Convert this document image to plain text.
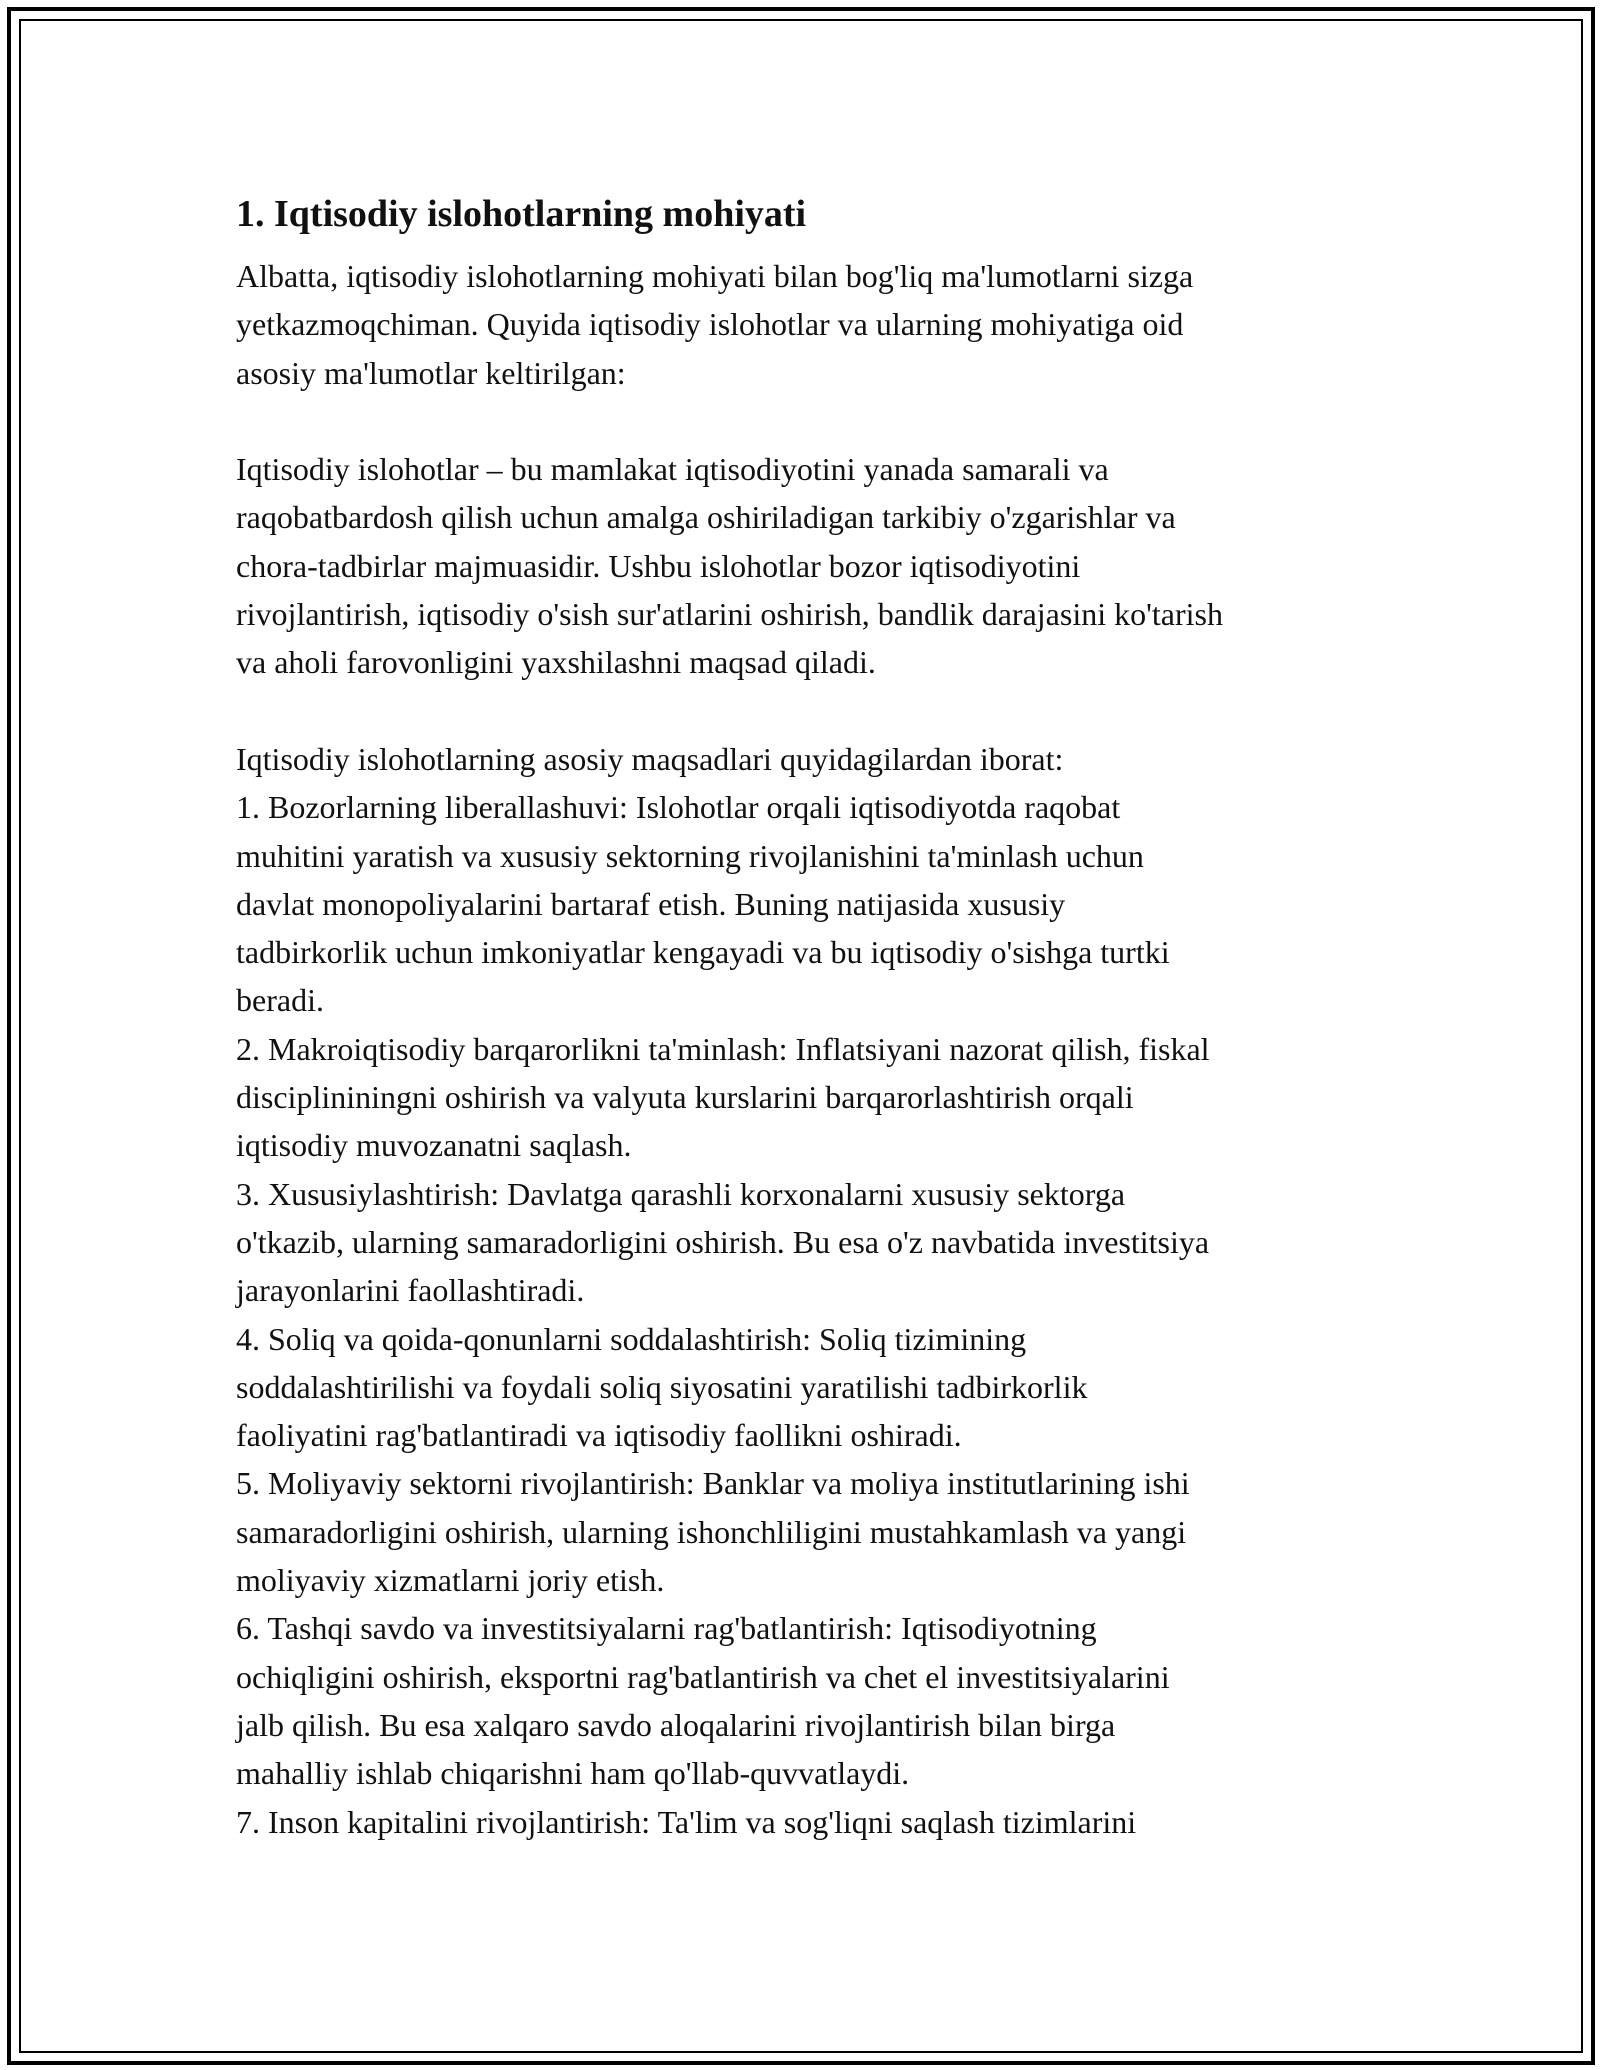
1. Iqtisodiy islohotlarning mohiyati
Albatta, iqtisodiy islohotlarning mohiyati bilan bog'liq ma'lumotlarni sizga
yetkazmoqchiman. Quyida iqtisodiy islohotlar va ularning mohiyatiga oid
asosiy ma'lumotlar keltirilgan:
Iqtisodiy islohotlar – bu mamlakat iqtisodiyotini yanada samarali va
raqobatbardosh qilish uchun amalga oshiriladigan tarkibiy o'zgarishlar va
chora-tadbirlar majmuasidir. Ushbu islohotlar bozor iqtisodiyotini
rivojlantirish, iqtisodiy o'sish sur'atlarini oshirish, bandlik darajasini ko'tarish
va aholi farovonligini yaxshilashni maqsad qiladi.
Iqtisodiy islohotlarning asosiy maqsadlari quyidagilardan iborat:
1. Bozorlarning liberallashuvi: Islohotlar orqali iqtisodiyotda raqobat
muhitini yaratish va xususiy sektorning rivojlanishini ta'minlash uchun
davlat monopoliyalarini bartaraf etish. Buning natijasida xususiy
tadbirkorlik uchun imkoniyatlar kengayadi va bu iqtisodiy o'sishga turtki
beradi.
2. Makroiqtisodiy barqarorlikni ta'minlash: Inflatsiyani nazorat qilish, fiskal
disciplininingni oshirish va valyuta kurslarini barqarorlashtirish orqali
iqtisodiy muvozanatni saqlash.
3. Xususiylashtirish: Davlatga qarashli korxonalarni xususiy sektorga
o'tkazib, ularning samaradorligini oshirish. Bu esa o'z navbatida investitsiya
jarayonlarini faollashtiradi.
4. Soliq va qoida-qonunlarni soddalashtirish: Soliq tizimining
soddalashtirilishi va foydali soliq siyosatini yaratilishi tadbirkorlik
faoliyatini rag'batlantiradi va iqtisodiy faollikni oshiradi.
5. Moliyaviy sektorni rivojlantirish: Banklar va moliya institutlarining ishi
samaradorligini oshirish, ularning ishonchliligini mustahkamlash va yangi
moliyaviy xizmatlarni joriy etish.
6. Tashqi savdo va investitsiyalarni rag'batlantirish: Iqtisodiyotning
ochiqligini oshirish, eksportni rag'batlantirish va chet el investitsiyalarini
jalb qilish. Bu esa xalqaro savdo aloqalarini rivojlantirish bilan birga
mahalliy ishlab chiqarishni ham qo'llab-quvvatlaydi.
7. Inson kapitalini rivojlantirish: Ta'lim va sog'liqni saqlash tizimlarini
